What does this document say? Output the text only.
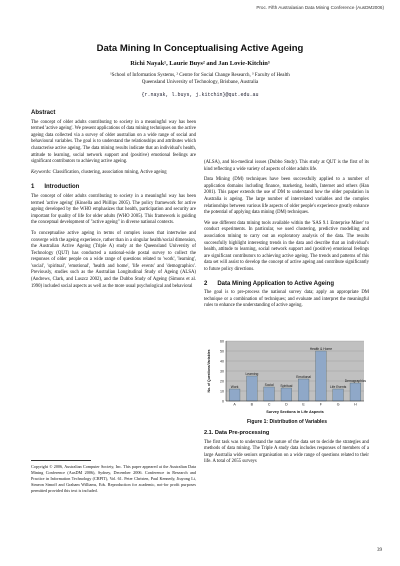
Proc. Fifth Australasian Data Mining Conference (AusDM2006)
Data Mining In Conceptualising Active Ageing
Richi Nayak¹, Laurie Buys² and Jan Lovie-Kitchin³
¹School of Information Systems, ² Centre for Social Change Research, ³ Faculty of Health
Queensland University of Technology, Brisbane, Australia
{r.nayak, l.buys, j.kitchin}@qut.edu.au
Abstract

The concept of older adults contributing to society in a meaningful way has been termed 'active ageing'. We present applications of data mining techniques on the active ageing data collected via a survey of older australian on a wide range of social and behavioural variables. The goal is to understand the relationships and attributes which characterise active ageing. The data mining results indicate that an individual's health, attitude to learning, social network support and (positive) emotional feelings are significant contributors to achieving active ageing.

Keywords: Classification, clustering, association mining, Active ageing

1      Introduction

The concept of older adults contributing to society in a meaningful way has been termed 'active ageing' (Kinsella and Phillips 2005). The policy framework for active ageing developed by the WHO emphasizes that health, participation and security are important for quality of life for older adults (WHO 2005). This framework is guiding the conceptual development of "active ageing" in diverse national contexts.

To conceptualise active ageing in terms of complex issues that intertwine and converge with the ageing experience, rather than in a singular health/social dimension, the Australian Active Ageing (Triple A) study at the Queensland University of Technology (QUT) has conducted a national-wide postal survey to collect the responses of older people on a wide range of questions related to 'work', 'learning', 'social', 'spiritual', 'emotional', 'health and home', 'life events' and 'demographics'. Previously, studies such as the Australian Longitudinal Study of Ageing (ALSA) (Andrews, Clark, and Luszcz 2002), and the Dubbo Study of Ageing (Simons et al. 1990) included social aspects as well as the more usual psychological and behavioral

Copyright © 2006, Australian Computer Society, Inc. This paper appeared at the Australian Data Mining Conference (AusDM 2006), Sydney, December 2006. Conference in Research and Practice in Information Technology (CRPIT), Vol. 61. Peter Christen, Paul Kennedy, Jiuyong Li, Simeon Simoff and Graham Williams, Eds. Reproduction for academic, not-for profit purposes permitted provided this text is included.

(ALSA), and bio-medical issues (Dubbo Study). This study at QUT is the first of its kind reflecting a wide variety of aspects of older adults life.

Data Mining (DM) techniques have been successfully applied to a number of application domains including finance, marketing, health, Internet and others (Han 2001). This paper extends the use of DM to understand how the older population in Australia is ageing. The large number of interrelated variables and the complex relationships between various life aspects of older people's experience greatly enhance the potential of applying data mining (DM) techniques.

We use different data mining tools available within the 'SAS 9.1 Enterprise Miner' to conduct experiments. In particular, we used clustering, predictive modelling and association mining to carry out an exploratory analysis of the data. The results successfully highlight interesting trends in the data and describe that an individual's health, attitude to learning, social network support and (positive) emotional feelings are significant contributors to achieving active ageing. The trends and patterns of this data set will assist to develop the concept of active ageing and contribute significantly to future policy directions.

2      Data Mining Application to Active Ageing

The goal is to pre-process the national survey data; apply an appropriate DM technique or a combination of techniques; and evaluate and interpret the meaningful rules to enhance the understanding of active ageing.

0
10
20
30
40
50
60
Work
A
Learning
B
Social
C
Spiritual
D
Emotional
E
Health & Home
F
Life Events
G
Demographics
H
Survey Sections in Life Aspects
No. of Questions/Variables
Figure 1: Distribution of Variables
2.1. Data Pre-processing

The first task was to understand the nature of the data set to decide the strategies and methods of data mining. The Triple A study data includes responses of members of a large Australia wide seniors organisation on a wide range of questions related to their life. A total of 2655 surveys

39
